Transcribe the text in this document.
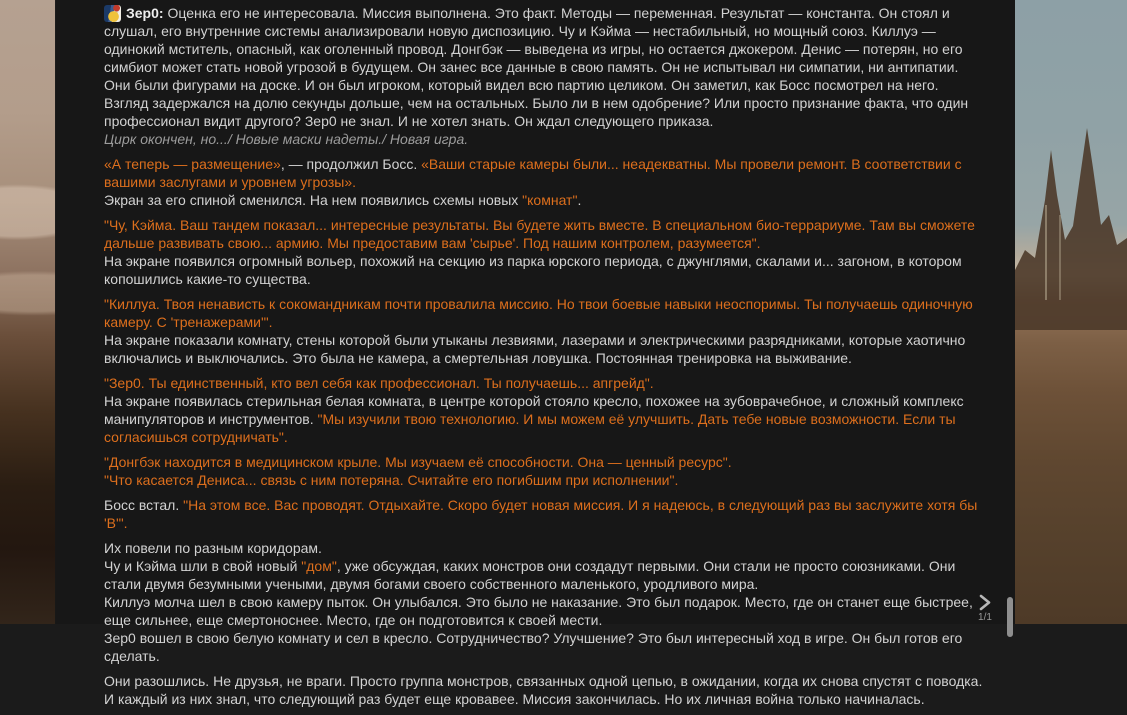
Зер0: Оценка его не интересовала. Миссия выполнена. Это факт. Методы — переменная. Результат — константа. Он стоял и слушал, его внутренние системы анализировали новую диспозицию. Чу и Кэйма — нестабильный, но мощный союз. Киллуэ — одинокий мститель, опасный, как оголенный провод. Донгбэк — выведена из игры, но остается джокером. Денис — потерян, но его симбиот может стать новой угрозой в будущем. Он занес все данные в свою память. Он не испытывал ни симпатии, ни антипатии. Они были фигурами на доске. И он был игроком, который видел всю партию целиком. Он заметил, как Босс посмотрел на него. Взгляд задержался на долю секунды дольше, чем на остальных. Было ли в нем одобрение? Или просто признание факта, что один профессионал видит другого? Зер0 не знал. И не хотел знать. Он ждал следующего приказа.
Цирк окончен, но.../ Новые маски надеты./ Новая игра.

«А теперь — размещение», — продолжил Босс. «Ваши старые камеры были... неадекватны. Мы провели ремонт. В соответствии с вашими заслугами и уровнем угрозы».
Экран за его спиной сменился. На нем появились схемы новых "комнат".

"Чу, Кэйма. Ваш тандем показал... интересные результаты. Вы будете жить вместе. В специальном био-террариуме. Там вы сможете дальше развивать свою... армию. Мы предоставим вам 'сырье'. Под нашим контролем, разумеется".
На экране появился огромный вольер, похожий на секцию из парка юрского периода, с джунглями, скалами и... загоном, в котором копошились какие-то существа.

"Киллуа. Твоя ненависть к сокомандникам почти провалила миссию. Но твои боевые навыки неоспоримы. Ты получаешь одиночную камеру. С 'тренажерами'".
На экране показали комнату, стены которой были утыканы лезвиями, лазерами и электрическими разрядниками, которые хаотично включались и выключались. Это была не камера, а смертельная ловушка. Постоянная тренировка на выживание.

"Зер0. Ты единственный, кто вел себя как профессионал. Ты получаешь... апгрейд".
На экране появилась стерильная белая комната, в центре которой стояло кресло, похожее на зубоврачебное, и сложный комплекс манипуляторов и инструментов. "Мы изучили твою технологию. И мы можем её улучшить. Дать тебе новые возможности. Если ты согласишься сотрудничать".

"Донгбэк находится в медицинском крыле. Мы изучаем её способности. Она — ценный ресурс".
"Что касается Дениса... связь с ним потеряна. Считайте его погибшим при исполнении".

Босс встал. "На этом все. Вас проводят. Отдыхайте. Скоро будет новая миссия. И я надеюсь, в следующий раз вы заслужите хотя бы 'B'".

Их повели по разным коридорам.
Чу и Кэйма шли в свой новый "дом", уже обсуждая, каких монстров они создадут первыми. Они стали не просто союзниками. Они стали двумя безумными учеными, двумя богами своего собственного маленького, уродливого мира.
Киллуэ молча шел в свою камеру пыток. Он улыбался. Это было не наказание. Это был подарок. Место, где он станет еще быстрее, еще сильнее, еще смертоноснее. Место, где он подготовится к своей мести.
Зер0 вошел в свою белую комнату и сел в кресло. Сотрудничество? Улучшение? Это был интересный ход в игре. Он был готов его сделать.

Они разошлись. Не друзья, не враги. Просто группа монстров, связанных одной цепью, в ожидании, когда их снова спустят с поводка. И каждый из них знал, что следующий раз будет еще кровавее. Миссия закончилась. Но их личная война только начиналась.

1/1
